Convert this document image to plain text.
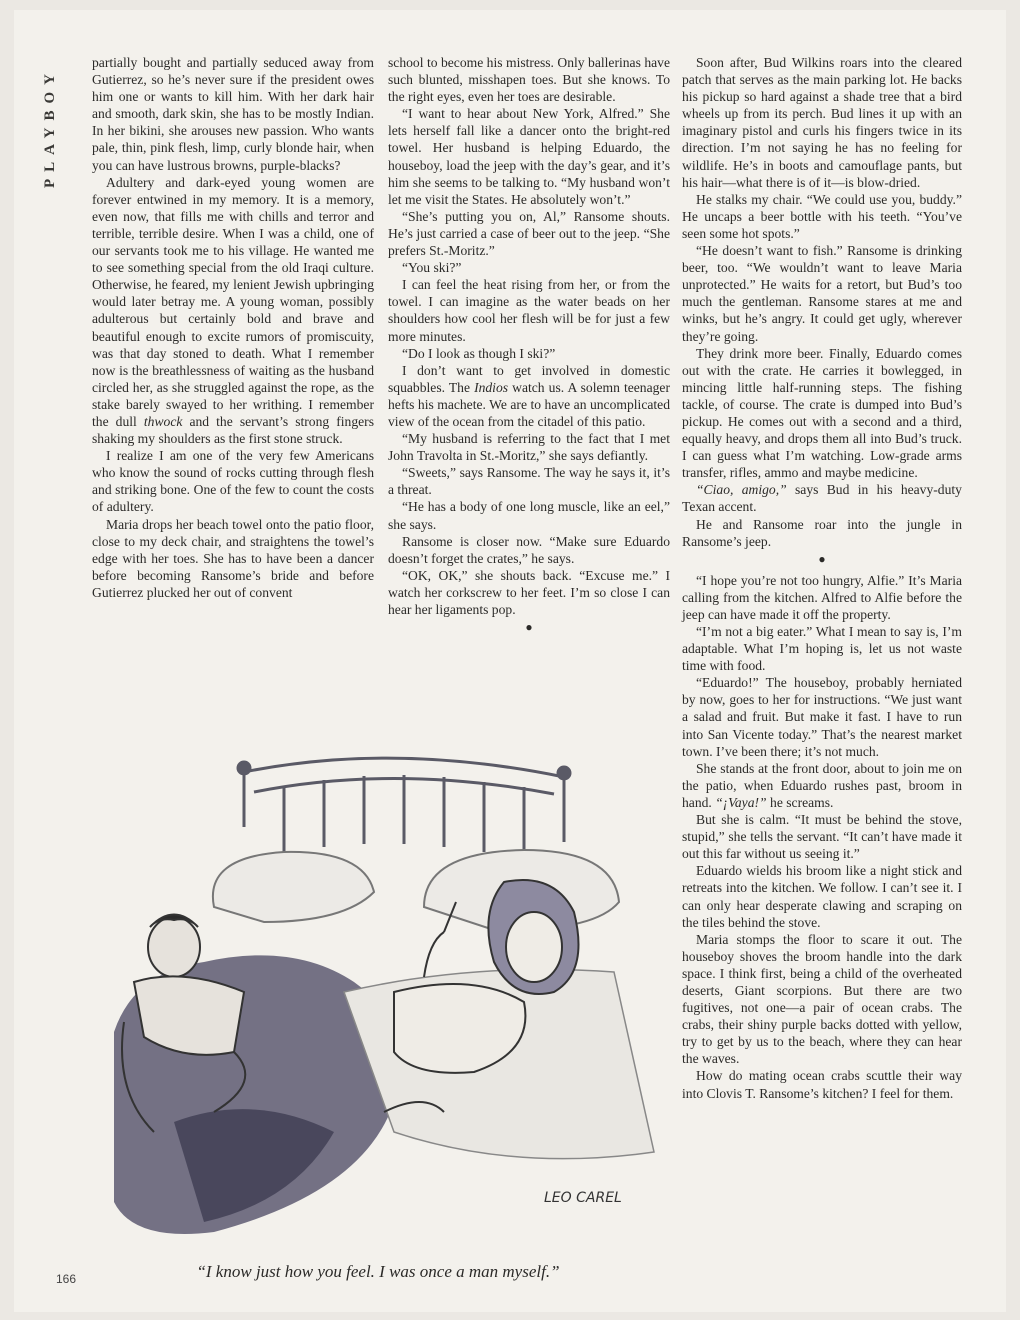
PLAYBOY

partially bought and partially seduced away from Gutierrez, so he’s never sure if the president owes him one or wants to kill him. With her dark hair and smooth, dark skin, she has to be mostly Indian. In her bikini, she arouses new passion. Who wants pale, thin, pink flesh, limp, curly blonde hair, when you can have lustrous browns, purple-blacks?

Adultery and dark-eyed young women are forever entwined in my memory. It is a memory, even now, that fills me with chills and terror and terrible, terrible desire. When I was a child, one of our servants took me to his village. He wanted me to see something special from the old Iraqi culture. Otherwise, he feared, my lenient Jewish upbringing would later betray me. A young woman, possibly adulterous but certainly bold and brave and beautiful enough to excite rumors of promiscuity, was that day stoned to death. What I remember now is the breathlessness of waiting as the husband circled her, as she struggled against the rope, as the stake barely swayed to her writhing. I remember the dull thwock and the servant’s strong fingers shaking my shoulders as the first stone struck.

I realize I am one of the very few Americans who know the sound of rocks cutting through flesh and striking bone. One of the few to count the costs of adultery.

Maria drops her beach towel onto the patio floor, close to my deck chair, and straightens the towel’s edge with her toes. She has to have been a dancer before becoming Ransome’s bride and before Gutierrez plucked her out of convent

school to become his mistress. Only ballerinas have such blunted, misshapen toes. But she knows. To the right eyes, even her toes are desirable.

“I want to hear about New York, Alfred.” She lets herself fall like a dancer onto the bright-red towel. Her husband is helping Eduardo, the houseboy, load the jeep with the day’s gear, and it’s him she seems to be talking to. “My husband won’t let me visit the States. He absolutely won’t.”

“She’s putting you on, Al,” Ransome shouts. He’s just carried a case of beer out to the jeep. “She prefers St.-Moritz.”

“You ski?”

I can feel the heat rising from her, or from the towel. I can imagine as the water beads on her shoulders how cool her flesh will be for just a few more minutes.

“Do I look as though I ski?”

I don’t want to get involved in domestic squabbles. The Indios watch us. A solemn teenager hefts his machete. We are to have an uncomplicated view of the ocean from the citadel of this patio.

“My husband is referring to the fact that I met John Travolta in St.-Moritz,” she says defiantly.

“Sweets,” says Ransome. The way he says it, it’s a threat.

“He has a body of one long muscle, like an eel,” she says.

Ransome is closer now. “Make sure Eduardo doesn’t forget the crates,” he says.

“OK, OK,” she shouts back. “Excuse me.” I watch her corkscrew to her feet. I’m so close I can hear her ligaments pop.

●

Soon after, Bud Wilkins roars into the cleared patch that serves as the main parking lot. He backs his pickup so hard against a shade tree that a bird wheels up from its perch. Bud lines it up with an imaginary pistol and curls his fingers twice in its direction. I’m not saying he has no feeling for wildlife. He’s in boots and camouflage pants, but his hair—what there is of it—is blow-dried.

He stalks my chair. “We could use you, buddy.” He uncaps a beer bottle with his teeth. “You’ve seen some hot spots.”

“He doesn’t want to fish.” Ransome is drinking beer, too. “We wouldn’t want to leave Maria unprotected.” He waits for a retort, but Bud’s too much the gentleman. Ransome stares at me and winks, but he’s angry. It could get ugly, wherever they’re going.

They drink more beer. Finally, Eduardo comes out with the crate. He carries it bowlegged, in mincing little half-running steps. The fishing tackle, of course. The crate is dumped into Bud’s pickup. He comes out with a second and a third, equally heavy, and drops them all into Bud’s truck. I can guess what I’m watching. Low-grade arms transfer, rifles, ammo and maybe medicine.

“Ciao, amigo,” says Bud in his heavy-duty Texan accent.

He and Ransome roar into the jungle in Ransome’s jeep.

●

“I hope you’re not too hungry, Alfie.” It’s Maria calling from the kitchen. Alfred to Alfie before the jeep can have made it off the property.

“I’m not a big eater.” What I mean to say is, I’m adaptable. What I’m hoping is, let us not waste time with food.

“Eduardo!” The houseboy, probably herniated by now, goes to her for instructions. “We just want a salad and fruit. But make it fast. I have to run into San Vicente today.” That’s the nearest market town. I’ve been there; it’s not much.

She stands at the front door, about to join me on the patio, when Eduardo rushes past, broom in hand. “¡Vaya!” he screams.

But she is calm. “It must be behind the stove, stupid,” she tells the servant. “It can’t have made it out this far without us seeing it.”

Eduardo wields his broom like a night stick and retreats into the kitchen. We follow. I can’t see it. I can only hear desperate clawing and scraping on the tiles behind the stove.

Maria stomps the floor to scare it out. The houseboy shoves the broom handle into the dark space. I think first, being a child of the overheated deserts, Giant scorpions. But there are two fugitives, not one—a pair of ocean crabs. The crabs, their shiny purple backs dotted with yellow, try to get by us to the beach, where they can hear the waves.

How do mating ocean crabs scuttle their way into Clovis T. Ransome’s kitchen? I feel for them.

LEO CAREL
“I know just how you feel. I was once a man myself.”
166
